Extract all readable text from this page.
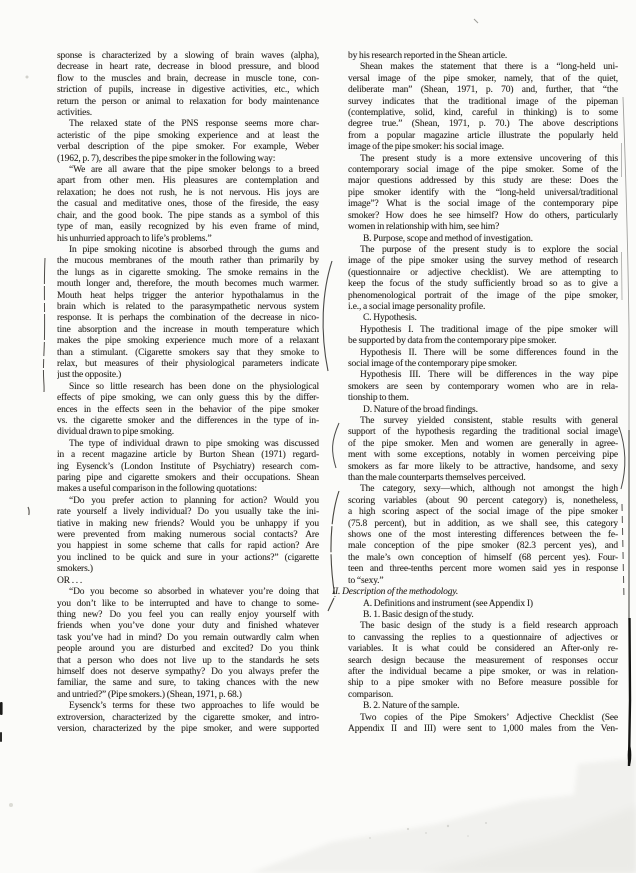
sponse is characterized by a slowing of brain waves (alpha),
decrease in heart rate, decrease in blood pressure, and blood
flow to the muscles and brain, decrease in muscle tone, con-
striction of pupils, increase in digestive activities, etc., which
return the person or animal to relaxation for body maintenance
activities.
The relaxed state of the PNS response seems more char-
acteristic of the pipe smoking experience and at least the
verbal description of the pipe smoker. For example, Weber
(1962, p. 7), describes the pipe smoker in the following way:
“We are all aware that the pipe smoker belongs to a breed
apart from other men. His pleasures are contemplation and
relaxation; he does not rush, he is not nervous. His joys are
the casual and meditative ones, those of the fireside, the easy
chair, and the good book. The pipe stands as a symbol of this
type of man, easily recognized by his even frame of mind,
his unhurried approach to life’s problems.”
In pipe smoking nicotine is absorbed through the gums and
the mucous membranes of the mouth rather than primarily by
the lungs as in cigarette smoking. The smoke remains in the
mouth longer and, therefore, the mouth becomes much warmer.
Mouth heat helps trigger the anterior hypothalamus in the
brain which is related to the parasympathetic nervous system
response. It is perhaps the combination of the decrease in nico-
tine absorption and the increase in mouth temperature which
makes the pipe smoking experience much more of a relaxant
than a stimulant. (Cigarette smokers say that they smoke to
relax, but measures of their physiological parameters indicate
just the opposite.)
Since so little research has been done on the physiological
effects of pipe smoking, we can only guess this by the differ-
ences in the effects seen in the behavior of the pipe smoker
vs. the cigarette smoker and the differences in the type of in-
dividual drawn to pipe smoking.
The type of individual drawn to pipe smoking was discussed
in a recent magazine article by Burton Shean (1971) regard-
ing Eysenck’s (London Institute of Psychiatry) research com-
paring pipe and cigarette smokers and their occupations. Shean
makes a useful comparison in the following quotations:
“Do you prefer action to planning for action? Would you
rate yourself a lively individual? Do you usually take the ini-
tiative in making new friends? Would you be unhappy if you
were prevented from making numerous social contacts? Are
you happiest in some scheme that calls for rapid action? Are
you inclined to be quick and sure in your actions?” (cigarette
smokers.)
OR . . .
“Do you become so absorbed in whatever you’re doing that
you don’t like to be interrupted and have to change to some-
thing new? Do you feel you can really enjoy yourself with
friends when you’ve done your duty and finished whatever
task you’ve had in mind? Do you remain outwardly calm when
people around you are disturbed and excited? Do you think
that a person who does not live up to the standards he sets
himself does not deserve sympathy? Do you always prefer the
familiar, the same and sure, to taking chances with the new
and untried?” (Pipe smokers.) (Shean, 1971, p. 68.)
Eysenck’s terms for these two approaches to life would be
extroversion, characterized by the cigarette smoker, and intro-
version, characterized by the pipe smoker, and were supported
by his research reported in the Shean article.
Shean makes the statement that there is a “long-held uni-
versal image of the pipe smoker, namely, that of the quiet,
deliberate man” (Shean, 1971, p. 70) and, further, that “the
survey indicates that the traditional image of the pipeman
(contemplative, solid, kind, careful in thinking) is to some
degree true.” (Shean, 1971, p. 70.) The above descriptions
from a popular magazine article illustrate the popularly held
image of the pipe smoker: his social image.
The present study is a more extensive uncovering of this
contemporary social image of the pipe smoker. Some of the
major questions addressed by this study are these: Does the
pipe smoker identify with the “long-held universal/traditional
image”? What is the social image of the contemporary pipe
smoker? How does he see himself? How do others, particularly
women in relationship with him, see him?
B. Purpose, scope and method of investigation.
The purpose of the present study is to explore the social
image of the pipe smoker using the survey method of research
(questionnaire or adjective checklist). We are attempting to
keep the focus of the study sufficiently broad so as to give a
phenomenological portrait of the image of the pipe smoker,
i.e., a social image personality profile.
C. Hypothesis.
Hypothesis I. The traditional image of the pipe smoker will
be supported by data from the contemporary pipe smoker.
Hypothesis II. There will be some differences found in the
social image of the contemporary pipe smoker.
Hypothesis III. There will be differences in the way pipe
smokers are seen by contemporary women who are in rela-
tionship to them.
D. Nature of the broad findings.
The survey yielded consistent, stable results with general
support of the hypothesis regarding the traditional social image
of the pipe smoker. Men and women are generally in agree-
ment with some exceptions, notably in women perceiving pipe
smokers as far more likely to be attractive, handsome, and sexy
than the male counterparts themselves perceived.
The category, sexy—which, although not amongst the high
scoring variables (about 90 percent category) is, nonetheless,
a high scoring aspect of the social image of the pipe smoker
(75.8 percent), but in addition, as we shall see, this category
shows one of the most interesting differences between the fe-
male conception of the pipe smoker (82.3 percent yes), and
the male’s own conception of himself (68 percent yes). Four-
teen and three-tenths percent more women said yes in response
to “sexy.”
II. Description of the methodology.
A. Definitions and instrument (see Appendix I)
B. 1. Basic design of the study.
The basic design of the study is a field research approach
to canvassing the replies to a questionnaire of adjectives or
variables. It is what could be considered an After-only re-
search design because the measurement of responses occur
after the individual became a pipe smoker, or was in relation-
ship to a pipe smoker with no Before measure possible for
comparison.
B. 2. Nature of the sample.
Two copies of the Pipe Smokers’ Adjective Checklist (See
Appendix II and III) were sent to 1,000 males from the Ven-
